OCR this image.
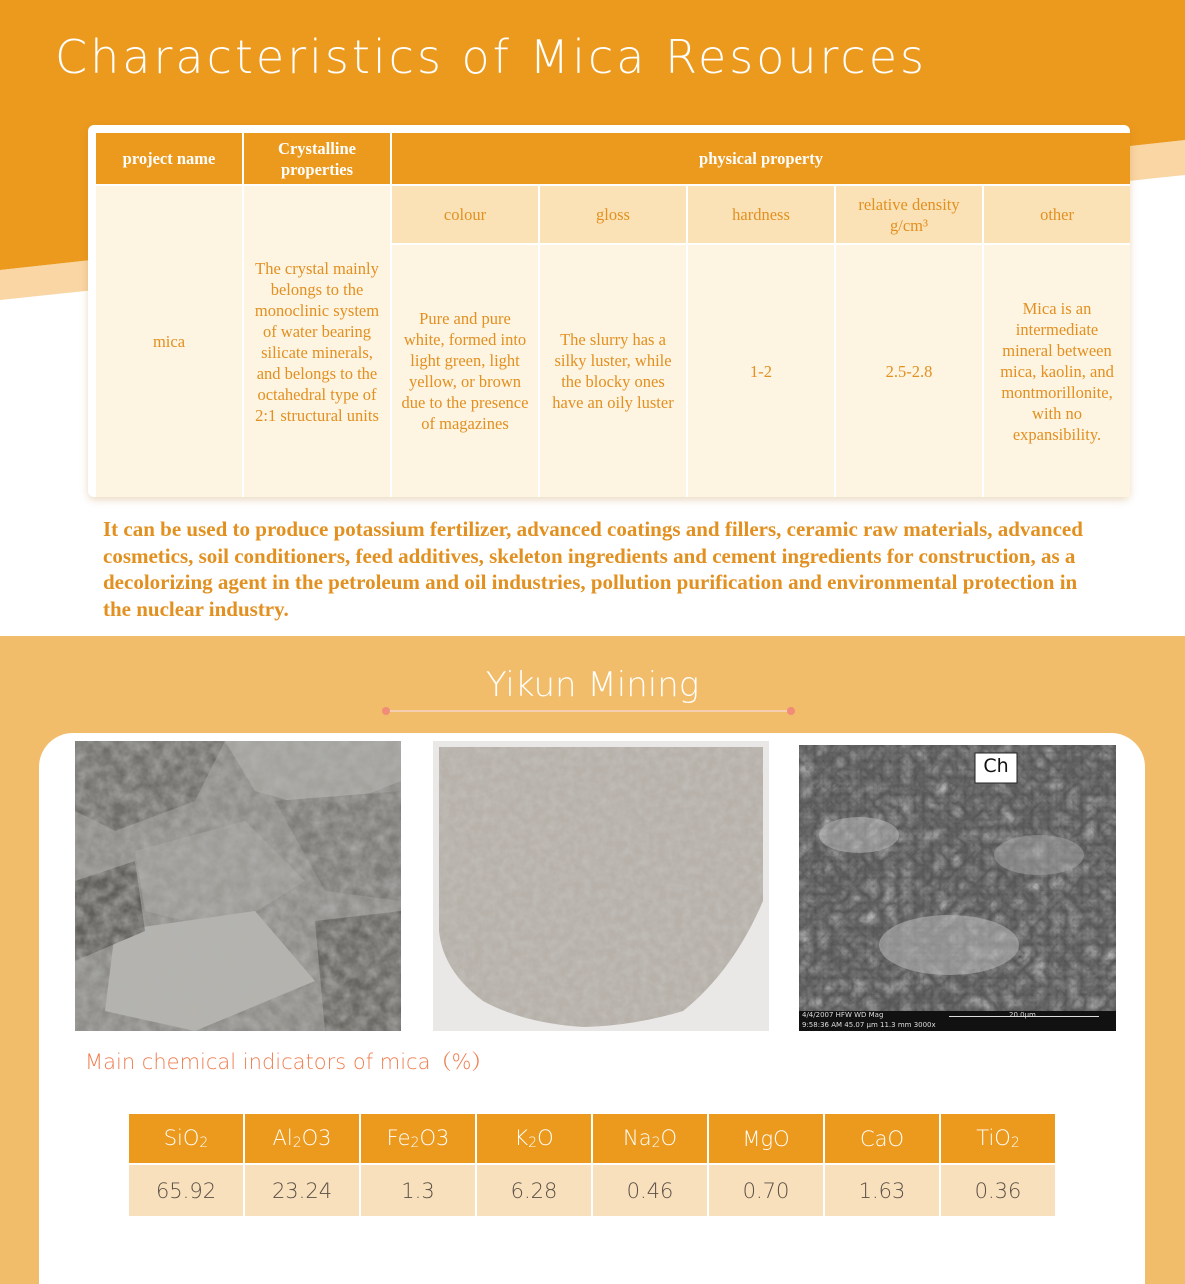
Characteristics of Mica Resources
project name	Crystalline properties	physical property				
mica	The crystal mainly belongs to the monoclinic system of water bearing silicate minerals, and belongs to the octahedral type of 2:1 structural units	colour	gloss	hardness	relative density g/cm³	other
		Pure and pure white, formed into light green, light yellow, or brown due to the presence of magazines	The slurry has a silky luster, while the blocky ones have an oily luster	1-2	2.5-2.8	Mica is an intermediate mineral between mica, kaolin, and montmorillonite, with no expansibility.
It can be used to produce potassium fertilizer, advanced coatings and fillers, ceramic raw materials, advanced cosmetics, soil conditioners, feed additives, skeleton ingredients and cement ingredients for construction, as a decolorizing agent in the petroleum and oil industries, pollution purification and environmental protection in the nuclear industry.
Yikun Mining
Ch
4/4/2007 HFW WD Mag
9:58:36 AM 45.07 µm 11.3 mm 3000x
20.0µm
Main chemical indicators of mica（%）
SiO$_2$	$Al_2O3$	$Fe_2O3$	$K_2O$	$Na_2O$	MgO	CaO	TiO$_2$
65.92	23.24	1.3	6.28	0.46	0.70	1.63	0.36
